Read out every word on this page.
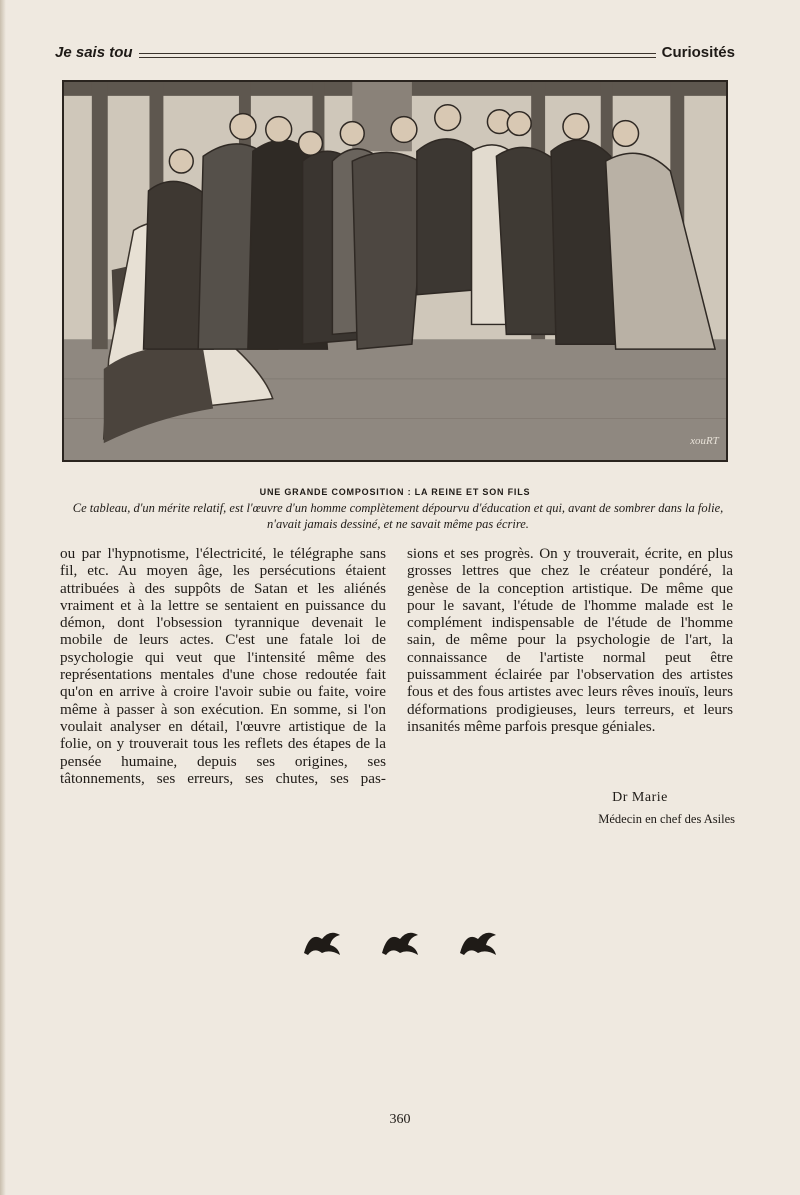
Je sais tou	Curiosités
xouRT
UNE GRANDE COMPOSITION : LA REINE ET SON FILS
Ce tableau, d'un mérite relatif, est l'œuvre d'un homme complètement dépourvu d'éducation et qui, avant de sombrer dans la folie, n'avait jamais dessiné, et ne savait même pas écrire.

ou par l'hypnotisme, l'électricité, le télégraphe sans fil, etc. Au moyen âge, les persécutions étaient attribuées à des suppôts de Satan et les aliénés vraiment et à la lettre se sentaient en puissance du démon, dont l'obsession tyrannique devenait le mobile de leurs actes. C'est une fatale loi de psychologie qui veut que l'intensité même des représentations mentales d'une chose redoutée fait qu'on en arrive à croire l'avoir subie ou faite, voire même à passer à son exécution. En somme, si l'on voulait analyser en détail, l'œuvre artistique de la folie, on y trouverait tous les reflets des étapes de la pensée humaine, depuis ses origines, ses tâtonnements, ses erreurs, ses chutes, ses pas-

sions et ses progrès. On y trouverait, écrite, en plus grosses lettres que chez le créateur pondéré, la genèse de la conception artistique. De même que pour le savant, l'étude de l'homme malade est le complément indispensable de l'étude de l'homme sain, de même pour la psychologie de l'art, la connaissance de l'artiste normal peut être puissamment éclairée par l'observation des artistes fous et des fous artistes avec leurs rêves inouïs, leurs déformations prodigieuses, leurs terreurs, et leurs insanités même parfois presque géniales.

Dr Marie
Médecin en chef des Asiles
360
